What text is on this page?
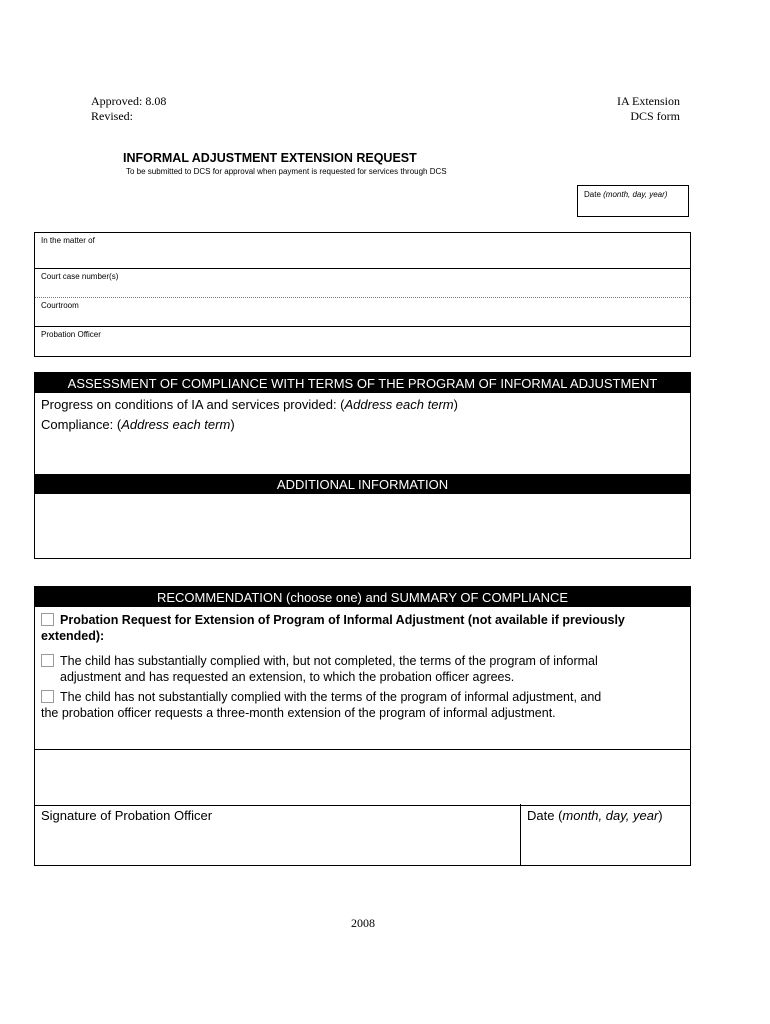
Approved: 8.08
Revised:
IA Extension
DCS form
INFORMAL ADJUSTMENT EXTENSION REQUEST
To be submitted to DCS for approval when payment is requested for services through DCS
Date (month, day, year)
In the matter of
Court case number(s)
Courtroom
Probation Officer
ASSESSMENT OF COMPLIANCE WITH TERMS OF THE PROGRAM OF INFORMAL ADJUSTMENT
Progress on conditions of IA and services provided: (Address each term)
Compliance: (Address each term)
ADDITIONAL INFORMATION
RECOMMENDATION (choose one) and SUMMARY OF COMPLIANCE
Probation Request for Extension of Program of Informal Adjustment (not available if previously extended):
The child has substantially complied with, but not completed, the terms of the program of informal
adjustment and has requested an extension, to which the probation officer agrees.
The child has not substantially complied with the terms of the program of informal adjustment, and
the probation officer requests a three-month extension of the program of informal adjustment.
Signature of Probation Officer	Date (month, day, year)
2008
